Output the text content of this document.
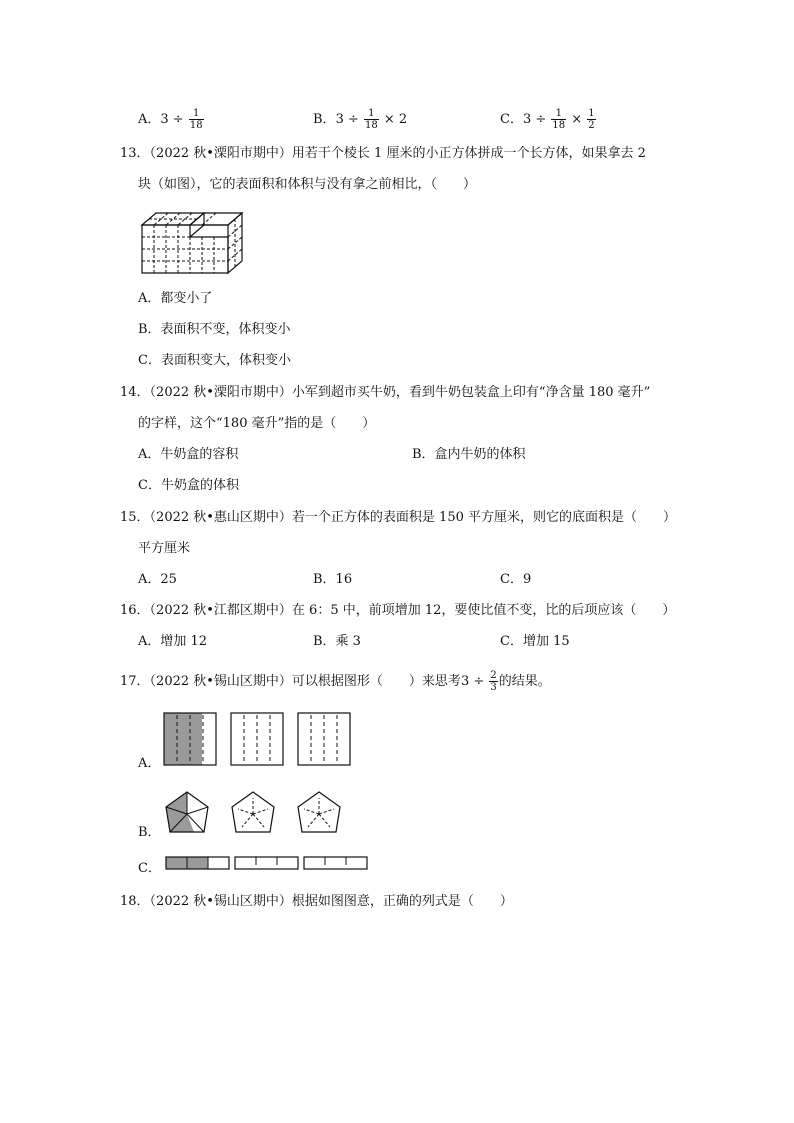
A．$3 \div \frac{1}{18}$	B．$3 \div \frac{1}{18} \times 2$	C．$3 \div \frac{1}{18} \times \frac{1}{2}$
13．（2022 秋•溧阳市期中）用若干个棱长 1 厘米的小正方体拼成一个长方体，如果拿去 2
块（如图），它的表面积和体积与没有拿之前相比，（　　）
A．都变小了
B．表面积不变，体积变小
C．表面积变大，体积变小
14．（2022 秋•溧阳市期中）小军到超市买牛奶，看到牛奶包装盒上印有“净含量 180 毫升”
的字样，这个“180 毫升”指的是（　　）
A．牛奶盒的容积	B．盒内牛奶的体积
C．牛奶盒的体积
15．（2022 秋•惠山区期中）若一个正方体的表面积是 150 平方厘米，则它的底面积是（　　）
平方厘米
A．25	B．16	C．9
16．（2022 秋•江都区期中）在 6：5 中，前项增加 12，要使比值不变，比的后项应该（　　）
A．增加 12	B．乘 3	C．增加 15
17．（2022 秋•锡山区期中）可以根据图形（　　）来思考$3 \div \frac{2}{3}$ 的结果。
A．
B．
C．
18．（2022 秋•锡山区期中）根据如图图意，正确的列式是（　　）
